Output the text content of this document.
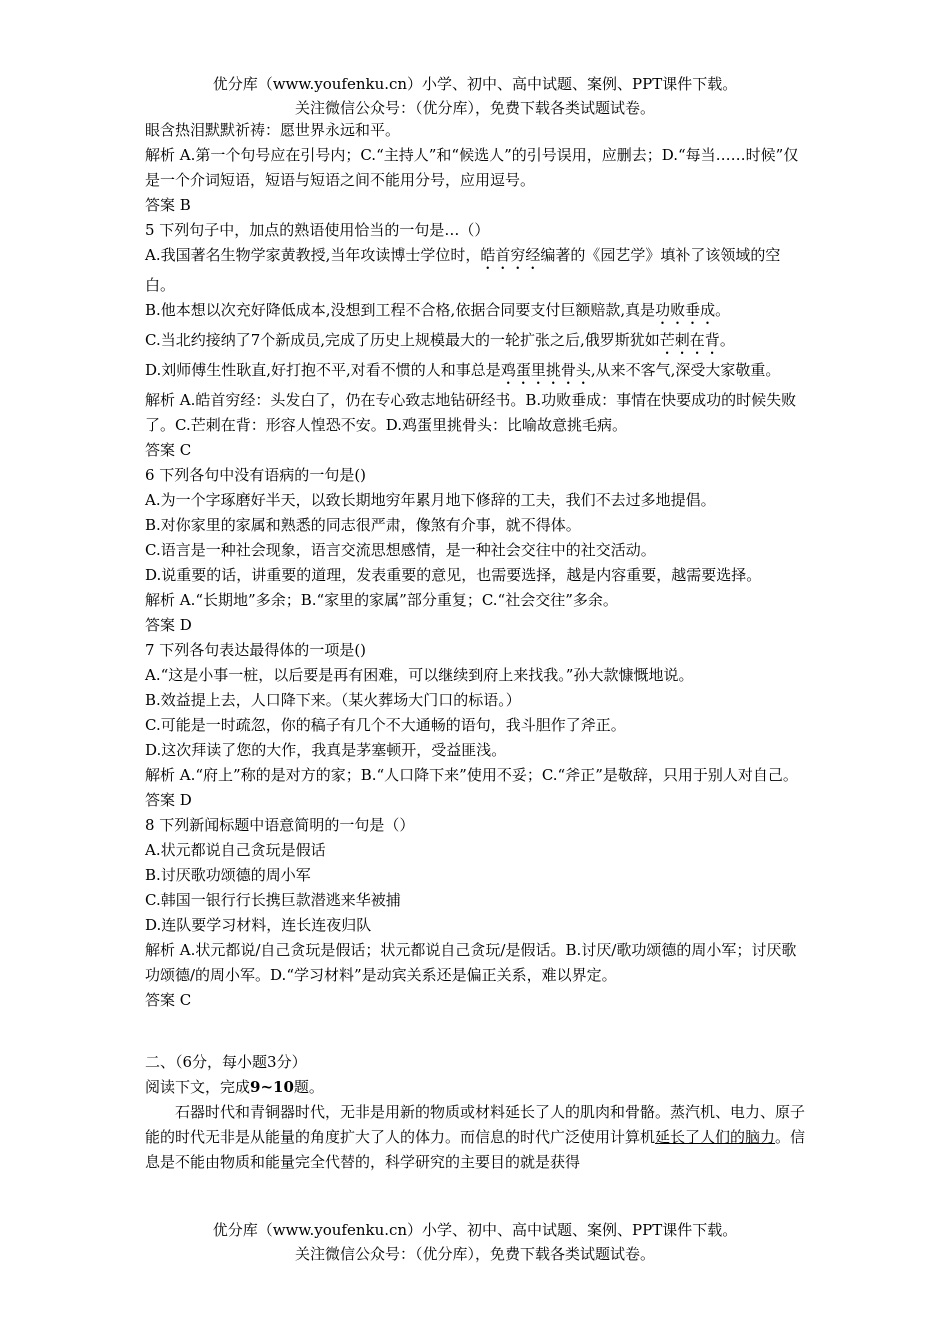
优分库（www.youfenku.cn）小学、初中、高中试题、案例、PPT课件下载。
关注微信公众号：（优分库），免费下载各类试题试卷。

眼含热泪默默祈祷：愿世界永远和平。

解析 A.第一个句号应在引号内；C.“主持人”和“候选人”的引号误用，应删去；D.“每当……时候”仅是一个介词短语，短语与短语之间不能用分号，应用逗号。

答案 B

5 下列句子中，加点的熟语使用恰当的一句是…（）

A.我国著名生物学家黄教授,当年攻读博士学位时，皓首穷经编著的《园艺学》填补了该领域的空白。

B.他本想以次充好降低成本,没想到工程不合格,依据合同要支付巨额赔款,真是功败垂成。

C.当北约接纳了7个新成员,完成了历史上规模最大的一轮扩张之后,俄罗斯犹如芒刺在背。

D.刘师傅生性耿直,好打抱不平,对看不惯的人和事总是鸡蛋里挑骨头,从来不客气,深受大家敬重。

解析 A.皓首穷经：头发白了，仍在专心致志地钻研经书。B.功败垂成：事情在快要成功的时候失败了。C.芒刺在背：形容人惶恐不安。D.鸡蛋里挑骨头：比喻故意挑毛病。

答案 C

6 下列各句中没有语病的一句是()

A.为一个字琢磨好半天，以致长期地穷年累月地下修辞的工夫，我们不去过多地提倡。

B.对你家里的家属和熟悉的同志很严肃，像煞有介事，就不得体。

C.语言是一种社会现象，语言交流思想感情，是一种社会交往中的社交活动。

D.说重要的话，讲重要的道理，发表重要的意见，也需要选择，越是内容重要，越需要选择。

解析 A.“长期地”多余；B.“家里的家属”部分重复；C.“社会交往”多余。

答案 D

7 下列各句表达最得体的一项是()

A.“这是小事一桩，以后要是再有困难，可以继续到府上来找我。”孙大款慷慨地说。

B.效益提上去，人口降下来。（某火葬场大门口的标语。）

C.可能是一时疏忽，你的稿子有几个不大通畅的语句，我斗胆作了斧正。

D.这次拜读了您的大作，我真是茅塞顿开，受益匪浅。

解析 A.“府上”称的是对方的家；B.“人口降下来”使用不妥；C.“斧正”是敬辞，只用于别人对自己。

答案 D

8 下列新闻标题中语意简明的一句是（）

A.状元都说自己贪玩是假话

B.讨厌歌功颂德的周小军

C.韩国一银行行长携巨款潜逃来华被捕

D.连队要学习材料，连长连夜归队

解析 A.状元都说/自己贪玩是假话；状元都说自己贪玩/是假话。B.讨厌/歌功颂德的周小军；讨厌歌功颂德/的周小军。D.“学习材料”是动宾关系还是偏正关系，难以界定。

答案 C

二、（6分，每小题3分）

阅读下文，完成9~10题。

石器时代和青铜器时代，无非是用新的物质或材料延长了人的肌肉和骨骼。蒸汽机、电力、原子能的时代无非是从能量的角度扩大了人的体力。而信息的时代广泛使用计算机延长了人们的脑力。信息是不能由物质和能量完全代替的，科学研究的主要目的就是获得

优分库（www.youfenku.cn）小学、初中、高中试题、案例、PPT课件下载。
关注微信公众号：（优分库），免费下载各类试题试卷。
